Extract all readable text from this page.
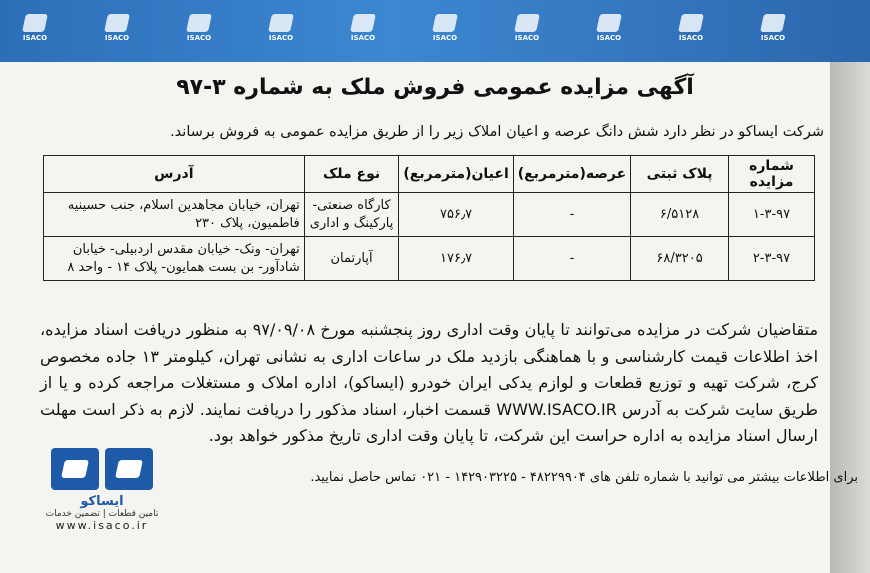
ISACO	ISACO	ISACO	ISACO	ISACO	ISACO	ISACO	ISACO	ISACO	ISACO
آگهی مزایده عمومی فروش ملک به شماره ۳-۹۷
شرکت ایساکو در نظر دارد شش دانگ عرصه و اعیان املاک زیر را از طریق مزایده عمومی به فروش برساند.
شماره مزایده	پلاک ثبتی	عرصه(مترمربع)	اعیان(مترمربع)	نوع ملک	آدرس
۱-۳-۹۷	۶/۵۱۲۸	-	۷۵۶٫۷	کارگاه صنعتی- پارکینگ و اداری	تهران، خیابان مجاهدین اسلام، جنب حسینیه فاطمیون، پلاک ۲۳۰
۲-۳-۹۷	۶۸/۳۲۰۵	-	۱۷۶٫۷	آپارتمان	تهران- ونک- خیابان مقدس اردبیلی- خیابان شادآور- بن بست همایون- پلاک ۱۴ - واحد ۸
متقاضیان شرکت در مزایده می‌توانند تا پایان وقت اداری روز پنجشنبه مورخ ۹۷/۰۹/۰۸ به منظور دریافت اسناد مزایده، اخذ اطلاعات قیمت کارشناسی و با هماهنگی بازدید ملک در ساعات اداری به نشانی تهران، کیلومتر ۱۳ جاده مخصوص کرج، شرکت تهیه و توزیع قطعات و لوازم یدکی ایران خودرو (ایساکو)، اداره املاک و مستغلات مراجعه کرده و یا از طریق سایت شرکت به آدرس WWW.ISACO.IR قسمت اخبار، اسناد مذکور را دریافت نمایند. لازم به ذکر است مهلت ارسال اسناد مزایده به اداره حراست این شرکت، تا پایان وقت اداری تاریخ مذکور خواهد بود.
برای اطلاعات بیشتر می توانید با شماره تلفن های ۴۸۲۲۹۹۰۴ - ۱۴۲۹۰۳۲۲۵ - ۰۲۱ تماس حاصل نمایید.
ایساکو
تامین قطعات | تضمین خدمات
www.isaco.ir
